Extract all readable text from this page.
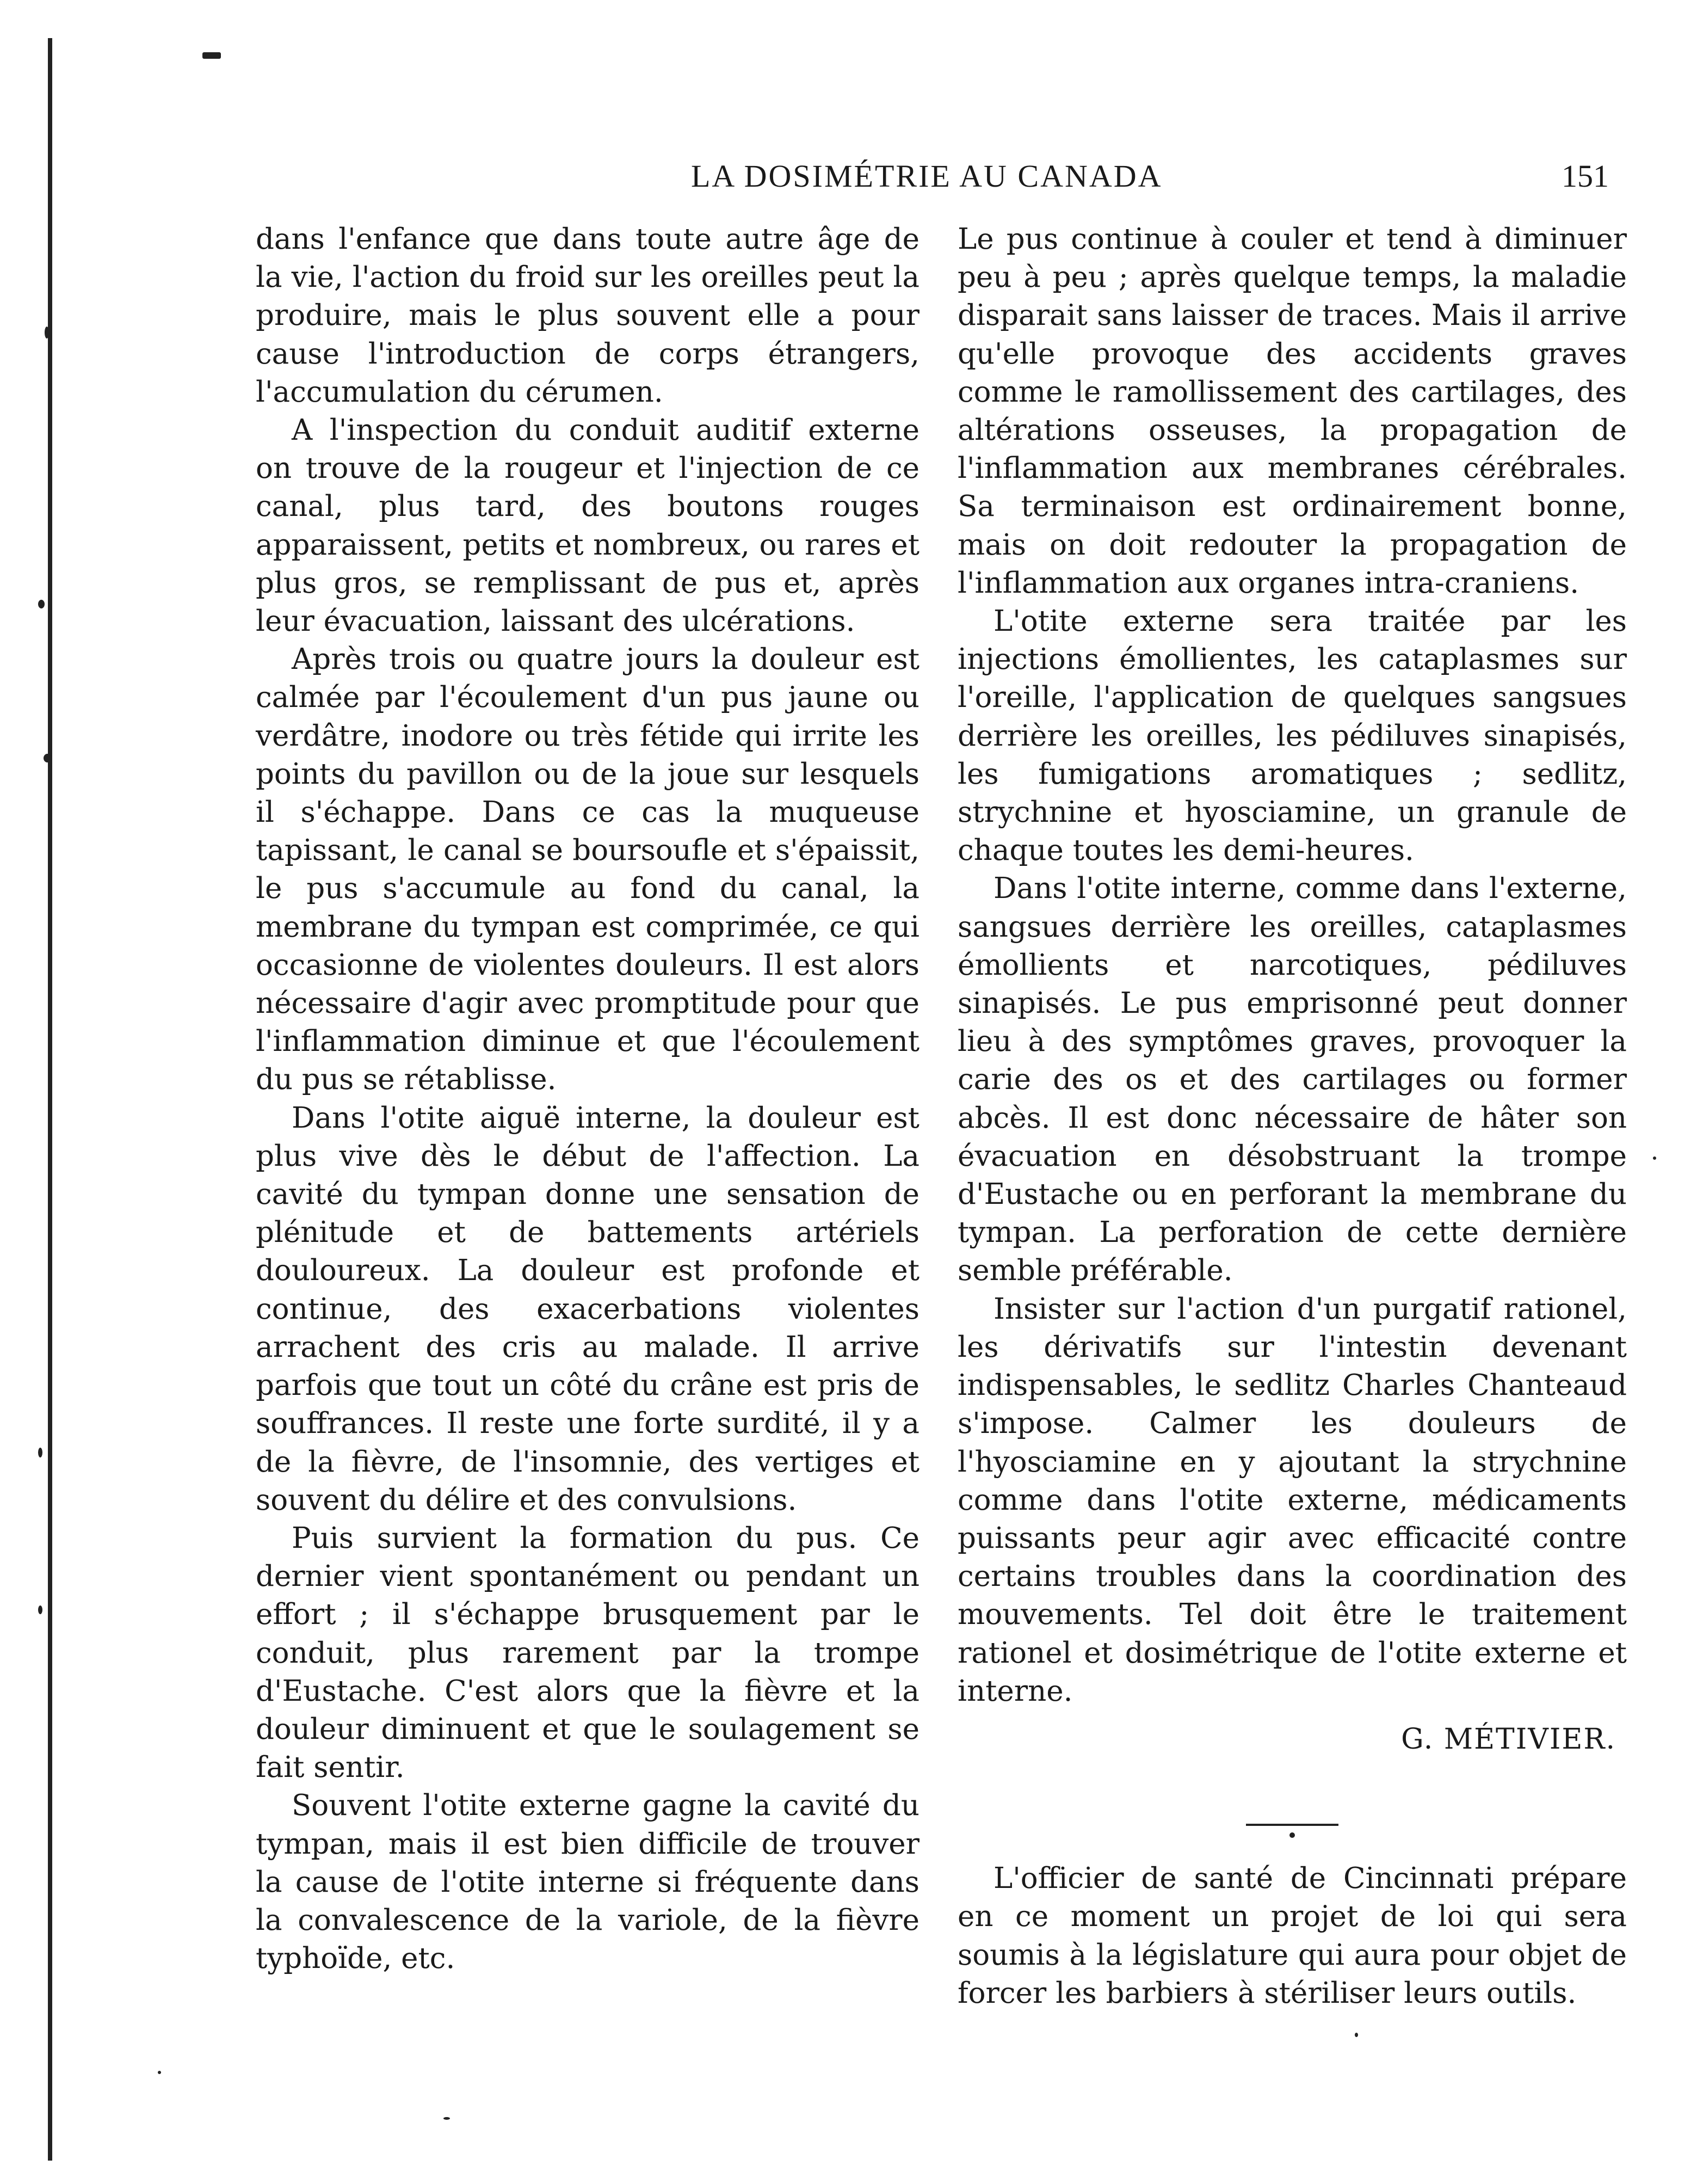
LA DOSIMÉTRIE AU CANADA	151

dans l'enfance que dans toute autre âge de la vie, l'action du froid sur les oreilles peut la produire, mais le plus souvent elle a pour cause l'introduction de corps étrangers, l'accumulation du cérumen.

A l'inspection du conduit auditif externe on trouve de la rougeur et l'injection de ce canal, plus tard, des boutons rouges apparaissent, petits et nombreux, ou rares et plus gros, se remplissant de pus et, après leur évacuation, laissant des ulcérations.

Après trois ou quatre jours la douleur est calmée par l'écoulement d'un pus jaune ou verdâtre, inodore ou très fétide qui irrite les points du pavillon ou de la joue sur lesquels il s'échappe. Dans ce cas la muqueuse tapissant, le canal se boursoufle et s'épaissit, le pus s'accumule au fond du canal, la membrane du tympan est comprimée, ce qui occasionne de violentes douleurs. Il est alors nécessaire d'agir avec promptitude pour que l'inflammation diminue et que l'écoulement du pus se rétablisse.

Dans l'otite aiguë interne, la douleur est plus vive dès le début de l'affection. La cavité du tympan donne une sensation de plénitude et de battements artériels douloureux. La douleur est profonde et continue, des exacerbations violentes arrachent des cris au malade. Il arrive parfois que tout un côté du crâne est pris de souffrances. Il reste une forte surdité, il y a de la fièvre, de l'insomnie, des vertiges et souvent du délire et des convulsions.

Puis survient la formation du pus. Ce dernier vient spontanément ou pendant un effort ; il s'échappe brusquement par le conduit, plus rarement par la trompe d'Eustache. C'est alors que la fièvre et la douleur diminuent et que le soulagement se fait sentir.

Souvent l'otite externe gagne la cavité du tympan, mais il est bien difficile de trouver la cause de l'otite interne si fréquente dans la convalescence de la variole, de la fièvre typhoïde, etc.

Le pus continue à couler et tend à diminuer peu à peu ; après quelque temps, la maladie disparait sans laisser de traces. Mais il arrive qu'elle provoque des accidents graves comme le ramollissement des cartilages, des altérations osseuses, la propagation de l'inflammation aux membranes cérébrales. Sa terminaison est ordinairement bonne, mais on doit redouter la propagation de l'inflammation aux organes intra-craniens.

L'otite externe sera traitée par les injections émollientes, les cataplasmes sur l'oreille, l'application de quelques sangsues derrière les oreilles, les pédiluves sinapisés, les fumigations aromatiques ; sedlitz, strychnine et hyosciamine, un granule de chaque toutes les demi-heures.

Dans l'otite interne, comme dans l'externe, sangsues derrière les oreilles, cataplasmes émollients et narcotiques, pédiluves sinapisés. Le pus emprisonné peut donner lieu à des symptômes graves, provoquer la carie des os et des cartilages ou former abcès. Il est donc nécessaire de hâter son évacuation en désobstruant la trompe d'Eustache ou en perforant la membrane du tympan. La perforation de cette dernière semble préférable.

Insister sur l'action d'un purgatif rationel, les dérivatifs sur l'intestin devenant indispensables, le sedlitz Charles Chanteaud s'impose. Calmer les douleurs de l'hyosciamine en y ajoutant la strychnine comme dans l'otite externe, médicaments puissants peur agir avec efficacité contre certains troubles dans la coordination des mouvements. Tel doit être le traitement rationel et dosimétrique de l'otite externe et interne.

G. MÉTIVIER.

L'officier de santé de Cincinnati prépare en ce moment un projet de loi qui sera soumis à la législature qui aura pour objet de forcer les barbiers à stériliser leurs outils.
